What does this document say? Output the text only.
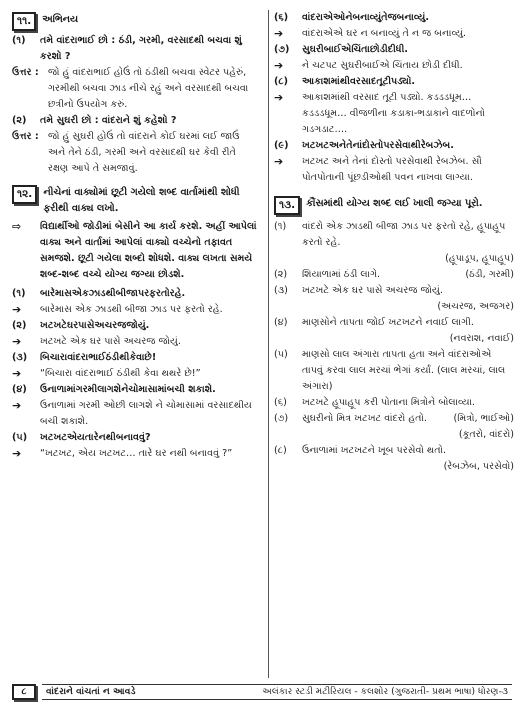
૧૧.	અભિનય
(૧)	તમે વાંદરાભાઈ છો : ઠંડી, ગરમી, વરસાદથી બચવા શું કરશો ?
ઉત્તર : જો હું વાંદરાભાઈ હોઉં તો ઠંડીથી બચવા સ્વેટર પહેરું, ગરમીથી બચવા ઝાડ નીચે રહું અને વરસાદથી બચવા છત્રીનો ઉપયોગ કરું.
(૨)	તમે સુઘરી છો : વાંદરાને શું કહેશો ?
ઉત્તર : જો હું સુઘરી હોઉં તો વાંદરાને કોઈ ઘરમાં લઈ જાઉં અને તેને ઠંડી, ગરમી અને વરસાદથી ઘર કેવી રીતે રક્ષણ આપે તે સમજાવું.
૧૨.	નીચેનાં વાક્યોમાં છૂટી ગયેલો શબ્દ વાર્તામાંથી શોધી ફરીથી વાક્ય લખો.
⇨	વિદ્યાર્થીઓ જોડીમાં બેસીને આ કાર્ય કરશે. અહીં આપેલાં વાક્ય અને વાર્તામાં આપેલાં વાક્યો વચ્ચેનો તફાવત સમજશે. છૂટી ગયેલા શબ્દો શોધશે. વાક્ય લખતા સમયે શબ્દ-શબ્દ વચ્ચે યોગ્ય જગ્યા છોડશે.
(૧)	બારેમાસએકઝાડથીબીજાપરફરતોરહે.
➔	બારેમાસ એક ઝાડથી બીજા ઝાડ પર ફરતો રહે.
(૨)	ખટખટેઘરપાસેઅચરજજોયું.
➔	ખટખટે એક ઘર પાસે અચરજ જોયું.
(૩)	બિચારાવાંદરાભાઈઠંડીથીકેવાછે!
➔	“બિચારા વાંદરાભાઈ ઠંડીથી કેવા થથરે છે!”
(૪)	ઉનાળામાંગરમીલાગશેનેચોમાસામાંબચી શકાશે.
➔	ઉનાળામાં ગરમી ઓછી લાગશે ને ચોમાસામાં વરસાદથીય બચી શકાશે.
(૫)	ખટખટએયતારેનથીબનાવવું?
➔	“ખટખટ, એય ખટખટ… તારે ઘર નથી બનાવવું ?”
(૬)	વાંદરાએઓનેબનાવ્યુંતેજબનાવ્યું.
➔	વાંદરાએએ ઘર ન બનાવ્યું તે ન જ બનાવ્યું.
(૭)	સુઘરીબાઈએચિંતાછોડીદીધી.
➔	ને ચટપટ સુઘરીબાઈએ ચિંતાય છોડી દીધી.
(૮)	આકાશમાંથીવરસાદતૂટીપડ્યો.
➔	આકાશમાંથી વરસાદ તૂટી પડ્યો. કડડડધૂમ… કડડડધૂમ… વીજળીના કડાકા-ભડાકાને વાદળોનો ગડગડાટ….
(૯)	ખટખટઅનેતેનાંદોસ્તોપરસેવાથીરેબઝેબ.
➔	ખટખટ અને તેનાં દોસ્તો પરસેવાથી રેબઝેબ. સૌ પોતપોતાની પૂંછડીઓથી પવન નાખવા લાગ્યા.
૧૩.	કૌંસમાંથી યોગ્ય શબ્દ લઈ ખાલી જગ્યા પૂરો.
(૧)	વાંદરો એક ઝાડથી બીજા ઝાડ પર ફરતો રહે, હૂપાહૂપ કરતો રહે.
(હૂપાડૂપ, હૂપાહૂપ)
(૨)	શિયાળામાં ઠંડી લાગે.	(ઠંડી, ગરમી)
(૩)	ખટખટે એક ઘર પાસે અચરજ જોયું.
(અચરજ, અજગર)
(૪)	માણસોને તાપતા જોઈ ખટખટને નવાઈ લાગી.
(નવરાશ, નવાઈ)
(૫)	માણસો લાલ અંગારા તાપતા હતા અને વાંદરાઓએ તાપવું કરવા લાલ મરચાં ભેગાં કર્યાં. (લાલ મરચાં, લાલ અંગારા)
(૬)	ખટખટે હૂપાહૂપ કરી પોતાના મિત્રોને બોલાવ્યા.
(મિત્રો, ભાઈઓ)
(૭)	સુઘરીનો મિત્ર ખટખટ વાંદરો હતો.
(કૂતરો, વાંદરો)
(૮)	ઉનાળામાં ખટખટને ખૂબ પરસેવો થતો.
(રેબઝેબ, પરસેવો)
૮	વાંદરાને વાંચતાં ન આવડે	અલંકાર સ્ટડી મટીરિયલ - કલશોર (ગુજરાતી- પ્રથમ ભાષા) ધોરણ-૩
